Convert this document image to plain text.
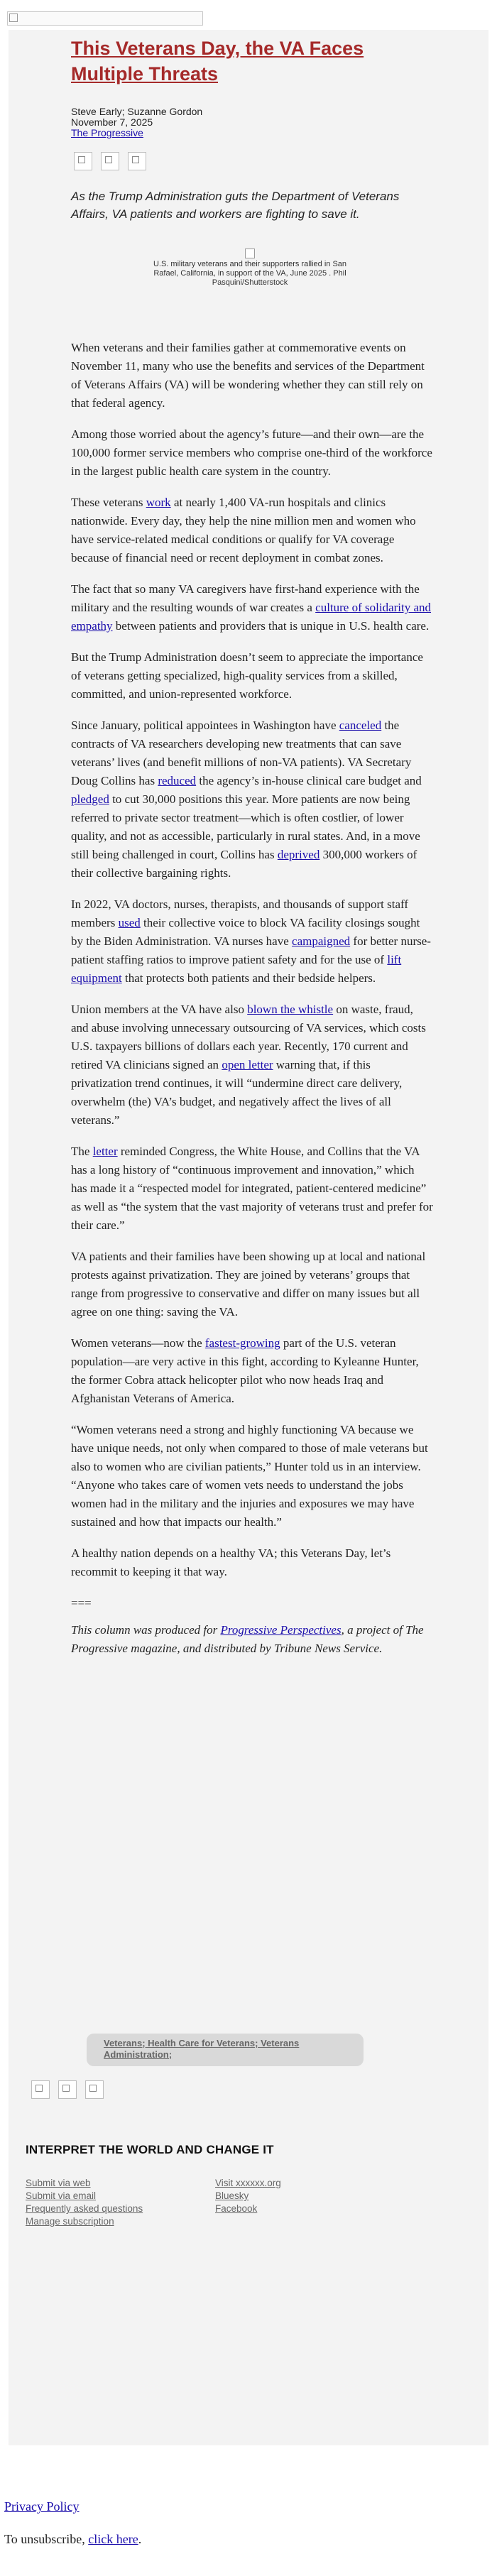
This Veterans Day, the VA Faces Multiple Threats
Steve Early; Suzanne Gordon
November 7, 2025
The Progressive

As the Trump Administration guts the Department of Veterans Affairs, VA patients and workers are fighting to save it.

U.S. military veterans and their supporters rallied in San Rafael, California, in support of the VA, June 2025 . Phil Pasquini/Shutterstock

When veterans and their families gather at commemorative events on November 11, many who use the benefits and services of the Department of Veterans Affairs (VA) will be wondering whether they can still rely on that federal agency.

Among those worried about the agency’s future—and their own—are the 100,000 former service members who comprise one-third of the workforce in the largest public health care system in the country.

These veterans work at nearly 1,400 VA-run hospitals and clinics nationwide. Every day, they help the nine million men and women who have service-related medical conditions or qualify for VA coverage because of financial need or recent deployment in combat zones.

The fact that so many VA caregivers have first-hand experience with the military and the resulting wounds of war creates a culture of solidarity and empathy between patients and providers that is unique in U.S. health care.

But the Trump Administration doesn’t seem to appreciate the importance of veterans getting specialized, high-quality services from a skilled, committed, and union-represented workforce.

Since January, political appointees in Washington have canceled the contracts of VA researchers developing new treatments that can save veterans’ lives (and benefit millions of non-VA patients). VA Secretary Doug Collins has reduced the agency’s in-house clinical care budget and pledged to cut 30,000 positions this year. More patients are now being referred to private sector treatment—which is often costlier, of lower quality, and not as accessible, particularly in rural states. And, in a move still being challenged in court, Collins has deprived 300,000 workers of their collective bargaining rights.

In 2022, VA doctors, nurses, therapists, and thousands of support staff members used their collective voice to block VA facility closings sought by the Biden Administration. VA nurses have campaigned for better nurse-patient staffing ratios to improve patient safety and for the use of lift equipment that protects both patients and their bedside helpers.

Union members at the VA have also blown the whistle on waste, fraud, and abuse involving unnecessary outsourcing of VA services, which costs U.S. taxpayers billions of dollars each year. Recently, 170 current and retired VA clinicians signed an open letter warning that, if this privatization trend continues, it will “undermine direct care delivery, overwhelm (the) VA’s budget, and negatively affect the lives of all veterans.”

The letter reminded Congress, the White House, and Collins that the VA has a long history of “continuous improvement and innovation,” which has made it a “respected model for integrated, patient-centered medicine” as well as “the system that the vast majority of veterans trust and prefer for their care.”

VA patients and their families have been showing up at local and national protests against privatization. They are joined by veterans’ groups that range from progressive to conservative and differ on many issues but all agree on one thing: saving the VA.

Women veterans—now the fastest-growing part of the U.S. veteran population—are very active in this fight, according to Kyleanne Hunter, the former Cobra attack helicopter pilot who now heads Iraq and Afghanistan Veterans of America.

“Women veterans need a strong and highly functioning VA because we have unique needs, not only when compared to those of male veterans but also to women who are civilian patients,” Hunter told us in an interview. “Anyone who takes care of women vets needs to understand the jobs women had in the military and the injuries and exposures we may have sustained and how that impacts our health.”

A healthy nation depends on a healthy VA; this Veterans Day, let’s recommit to keeping it that way.

===

This column was produced for Progressive Perspectives, a project of The Progressive magazine, and distributed by Tribune News Service.

Veterans; Health Care for Veterans; Veterans Administration;
INTERPRET THE WORLD AND CHANGE IT
Submit via web
Submit via email
Frequently asked questions
Manage subscription
Visit xxxxxx.org
Bluesky
Facebook
Privacy Policy
To unsubscribe, click here.
